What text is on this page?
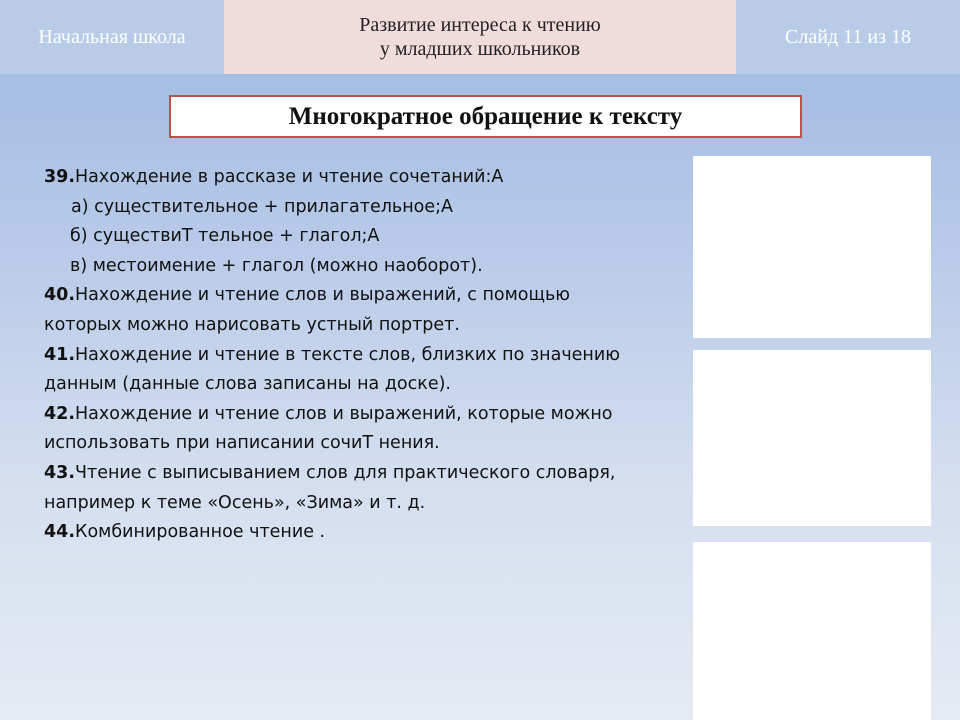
Начальная школа
Развитие интереса к чтению
у младших школьников
Слайд 11 из 18
Многократное обращение к тексту
39.Нахождение в рассказе и чтение сочетаний:А
а) существительное + прилагательное;А
б) существиТ тельное + глагол;А
в) местоимение + глагол (можно наоборот).
40.Нахождение и чтение слов и выражений, с помощью
которых можно нарисовать устный портрет.
41.Нахождение и чтение в тексте слов, близких по значению
данным (данные слова записаны на доске).
42.Нахождение и чтение слов и выражений, которые можно
использовать при написании сочиТ нения.
43.Чтение с выписыванием слов для практического словаря,
например к теме «Осень», «Зима» и т. д.
44.Комбинированное чтение .
